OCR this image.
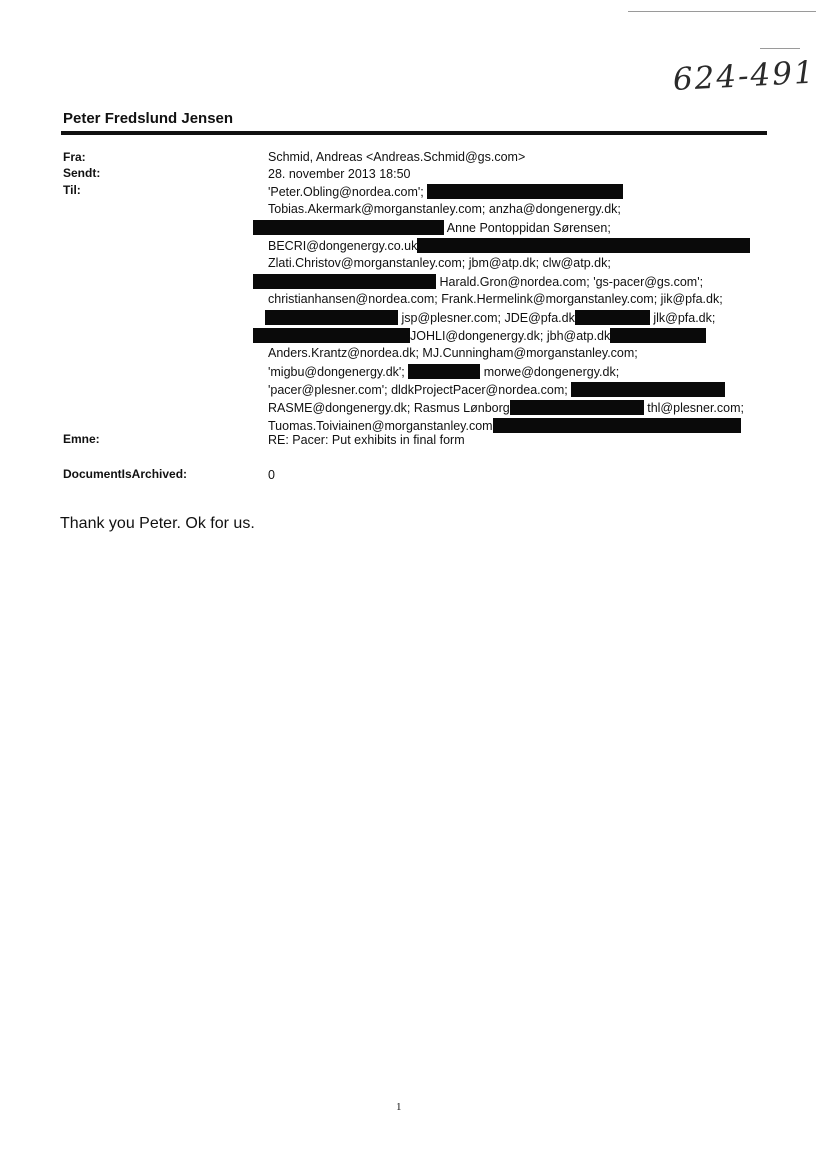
624-491
Peter Fredslund Jensen
Fra:	Schmid, Andreas <Andreas.Schmid@gs.com>
Sendt:	28. november 2013 18:50
Til:	'Peter.Obling@nordea.com';
Tobias.Akermark@morganstanley.com; anzha@dongenergy.dk;
Anne Pontoppidan Sørensen;
BECRI@dongenergy.co.uk
Zlati.Christov@morganstanley.com; jbm@atp.dk; clw@atp.dk;
Harald.Gron@nordea.com; 'gs-pacer@gs.com';
christianhansen@nordea.com; Frank.Hermelink@morganstanley.com; jik@pfa.dk;
jsp@plesner.com; JDE@pfa.dk	jlk@pfa.dk;
JOHLI@dongenergy.dk; jbh@atp.dk
Anders.Krantz@nordea.dk; MJ.Cunningham@morganstanley.com;
'migbu@dongenergy.dk';	morwe@dongenergy.dk;
'pacer@plesner.com'; dldkProjectPacer@nordea.com;
RASME@dongenergy.dk; Rasmus Lønborg	thl@plesner.com;
Tuomas.Toiviainen@morganstanley.com
Emne:	RE: Pacer: Put exhibits in final form
DocumentIsArchived:	0
Thank you Peter. Ok for us.
1
